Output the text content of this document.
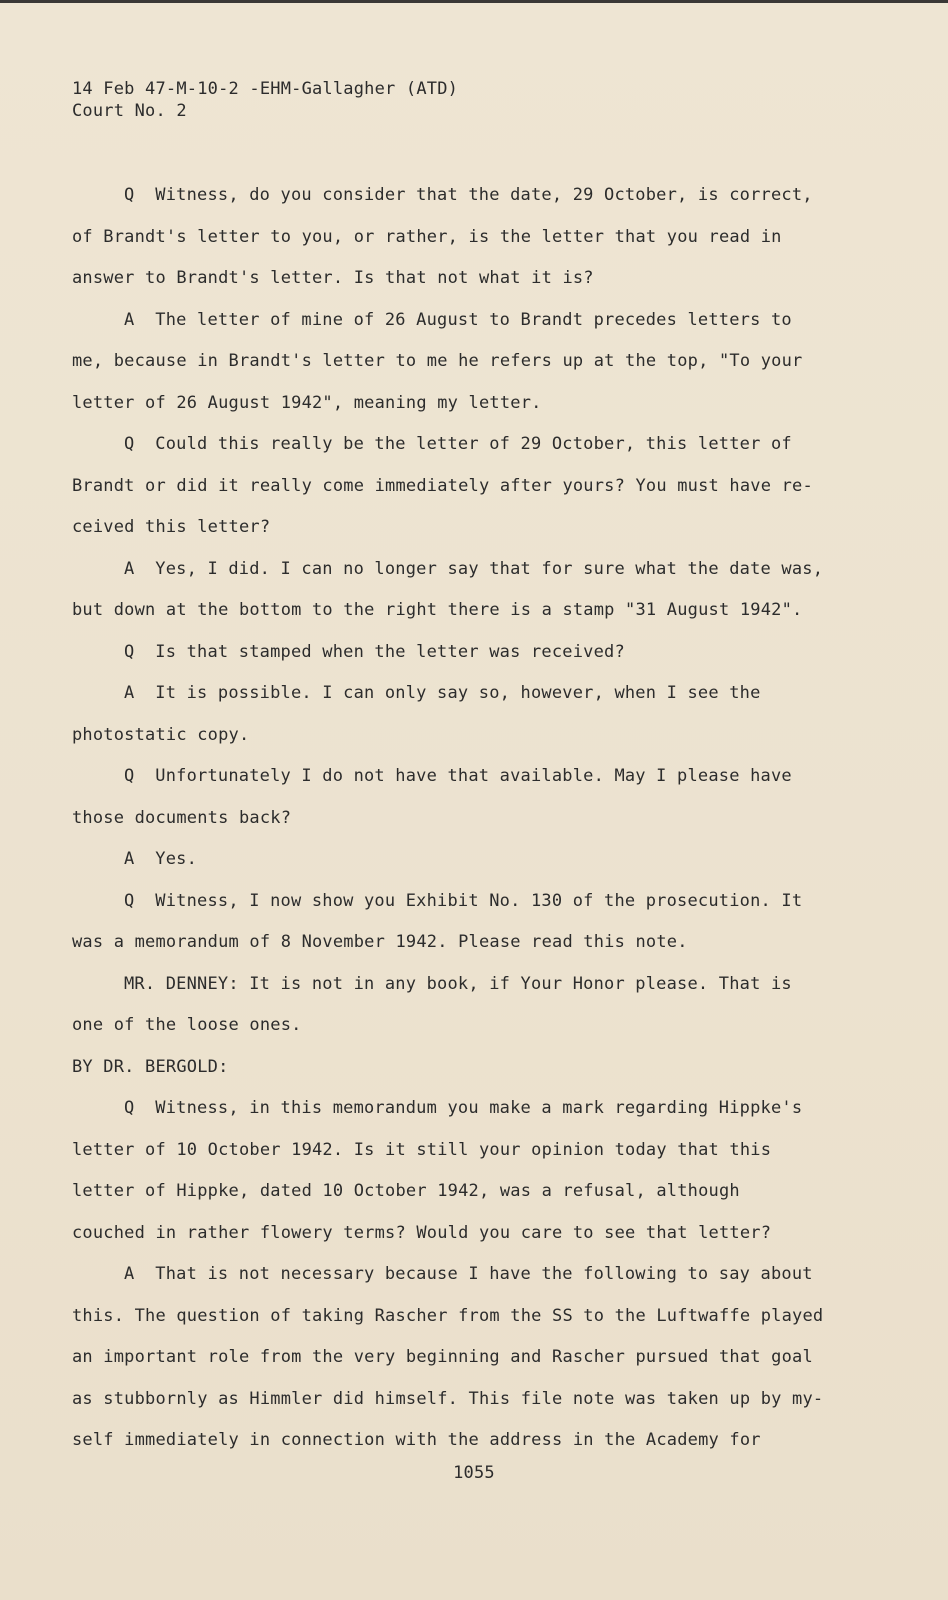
14 Feb 47-M-10-2 -EHM-Gallagher (ATD)
Court No. 2
Q  Witness, do you consider that the date, 29 October, is correct,
of Brandt's letter to you, or rather, is the letter that you read in
answer to Brandt's letter. Is that not what it is?
A  The letter of mine of 26 August to Brandt precedes letters to
me, because in Brandt's letter to me he refers up at the top, "To your
letter of 26 August 1942", meaning my letter.
Q  Could this really be the letter of 29 October, this letter of
Brandt or did it really come immediately after yours? You must have re-
ceived this letter?
A  Yes, I did. I can no longer say that for sure what the date was,
but down at the bottom to the right there is a stamp "31 August 1942".
Q  Is that stamped when the letter was received?
A  It is possible. I can only say so, however, when I see the
photostatic copy.
Q  Unfortunately I do not have that available. May I please have
those documents back?
A  Yes.
Q  Witness, I now show you Exhibit No. 130 of the prosecution. It
was a memorandum of 8 November 1942. Please read this note.
MR. DENNEY: It is not in any book, if Your Honor please. That is
one of the loose ones.
BY DR. BERGOLD:
Q  Witness, in this memorandum you make a mark regarding Hippke's
letter of 10 October 1942. Is it still your opinion today that this
letter of Hippke, dated 10 October 1942, was a refusal, although
couched in rather flowery terms? Would you care to see that letter?
A  That is not necessary because I have the following to say about
this. The question of taking Rascher from the SS to the Luftwaffe played
an important role from the very beginning and Rascher pursued that goal
as stubbornly as Himmler did himself. This file note was taken up by my-
self immediately in connection with the address in the Academy for
1055
